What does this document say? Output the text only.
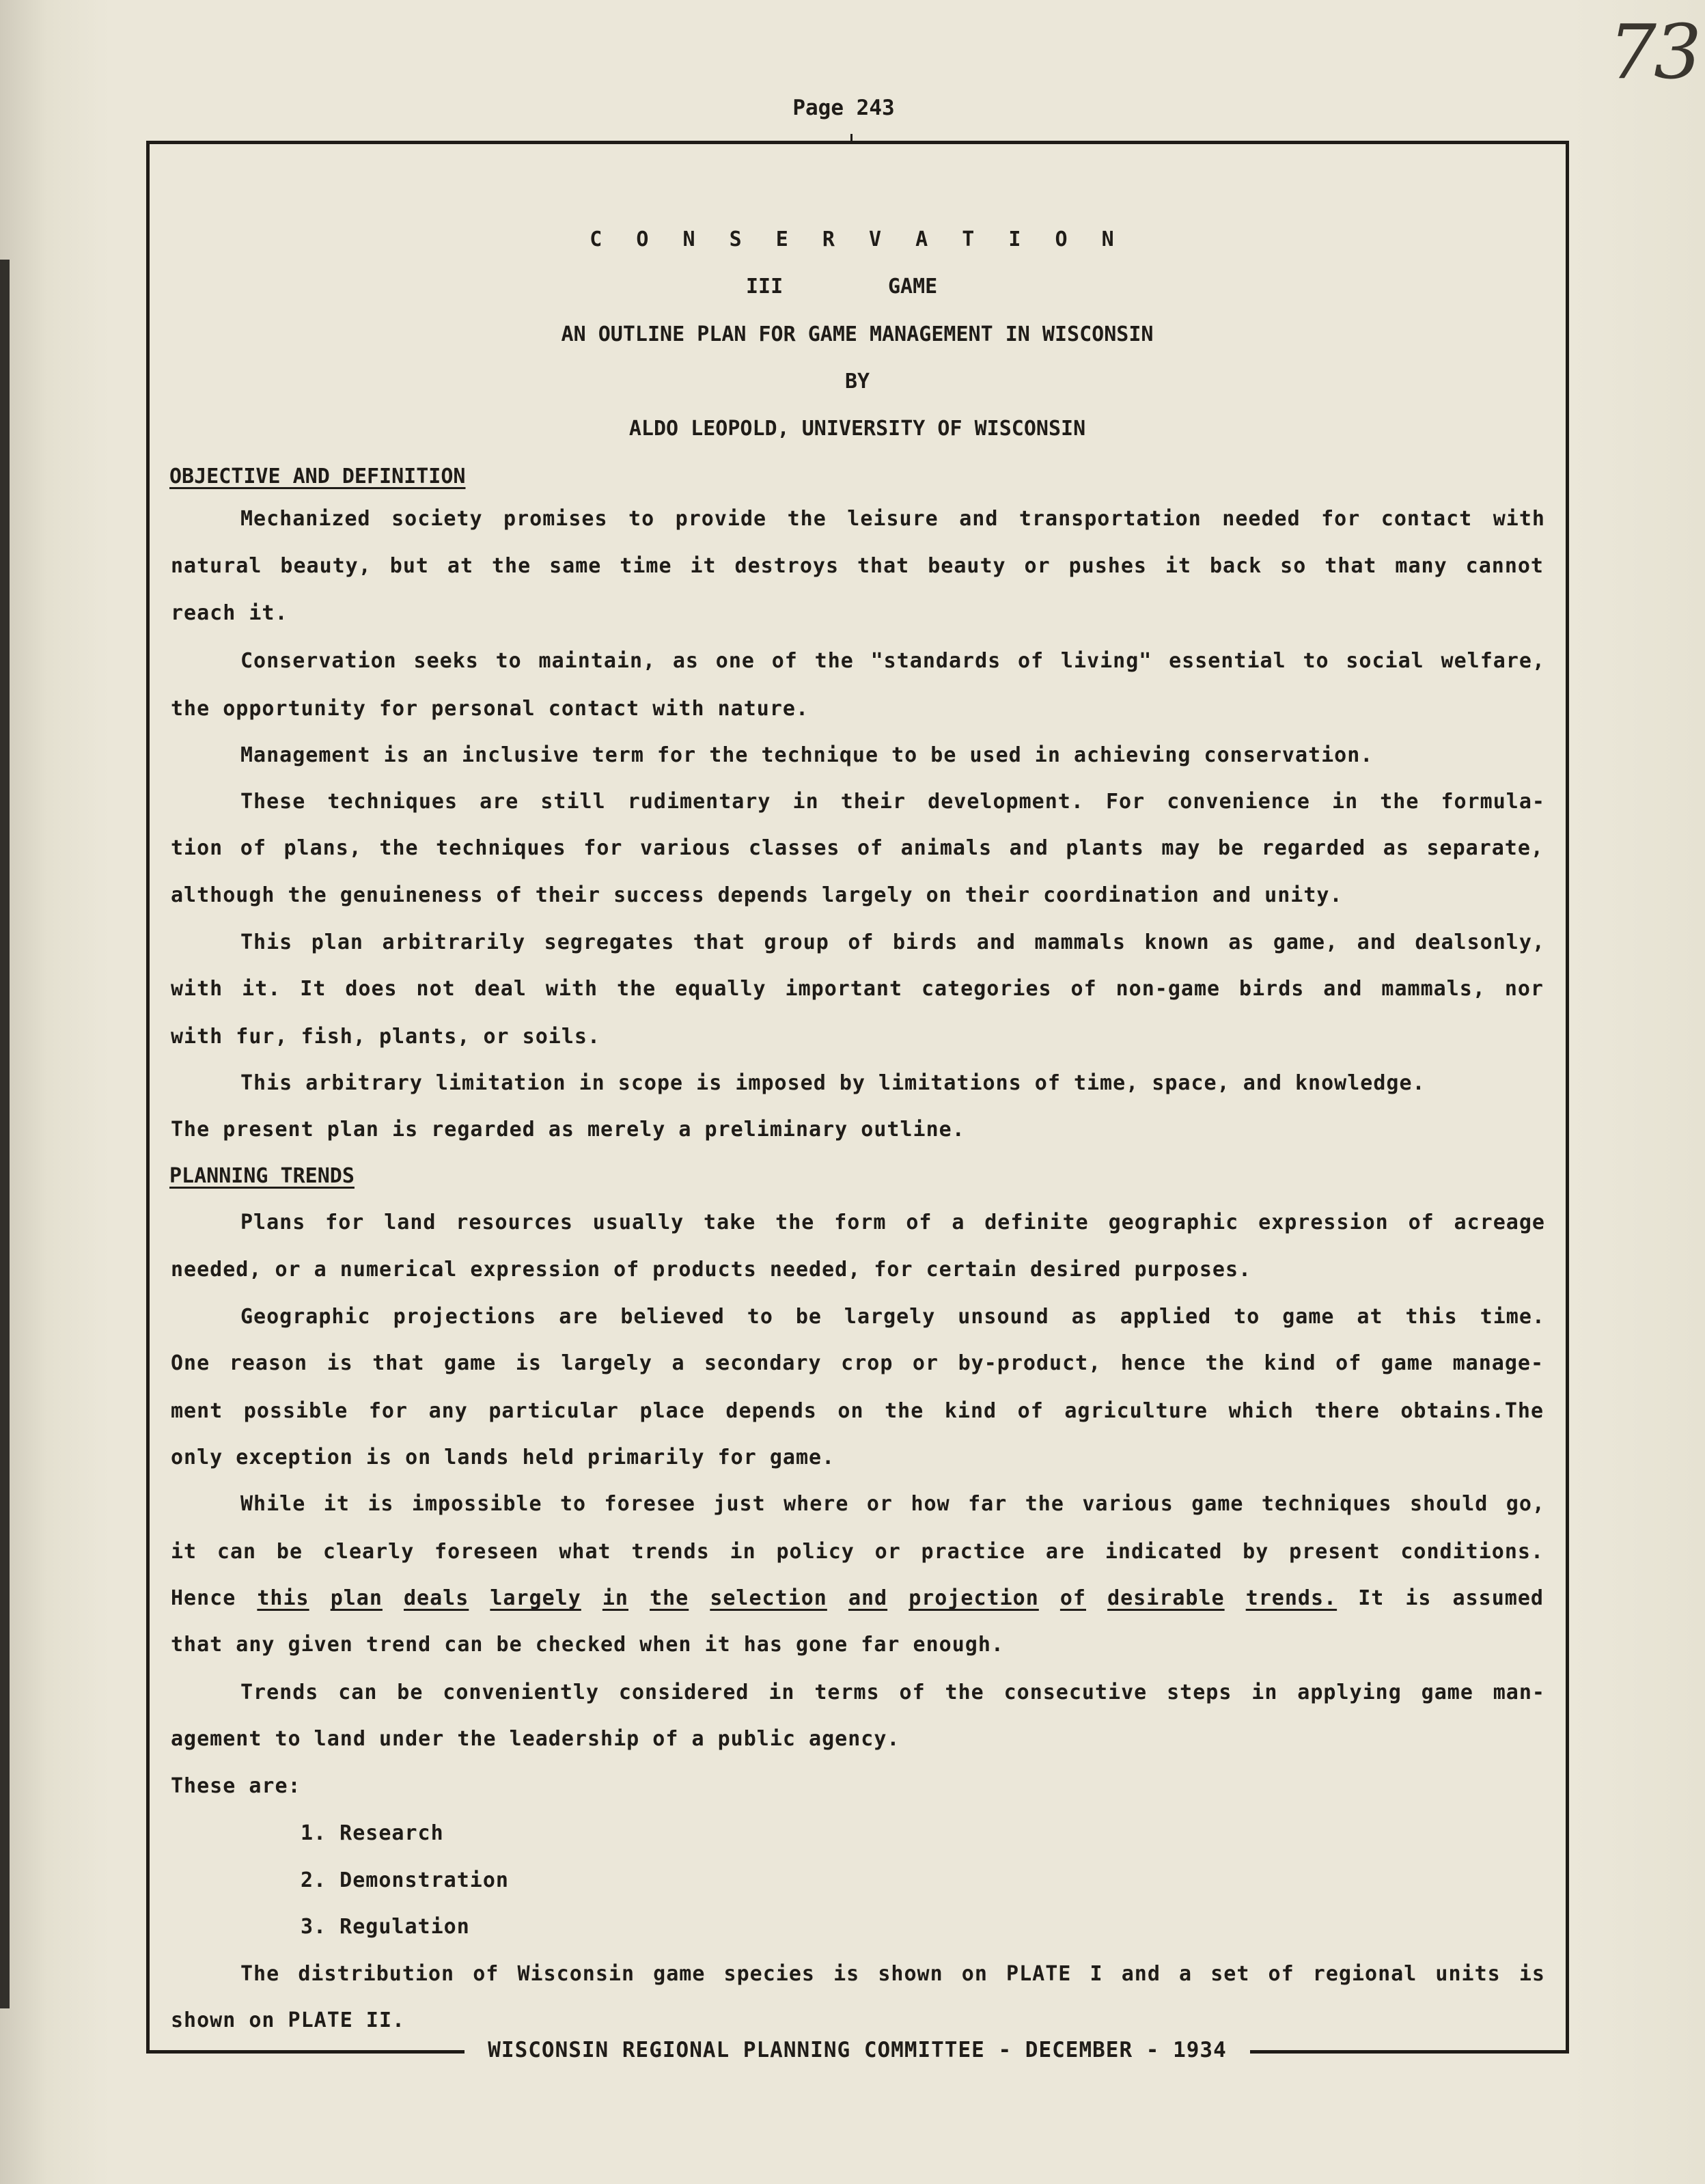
73
Page 243
C O N S E R V A T I O N
III	GAME
AN OUTLINE PLAN FOR GAME MANAGEMENT IN WISCONSIN
BY
ALDO LEOPOLD, UNIVERSITY OF WISCONSIN
OBJECTIVE AND DEFINITION
Mechanized society promises to provide the leisure and transportation needed for contact with
natural beauty, but at the same time it destroys that beauty or pushes it back so that many cannot
reach it.
Conservation seeks to maintain, as one of the "standards of living" essential to social welfare,
the opportunity for personal contact with nature.
Management is an inclusive term for the technique to be used in achieving conservation.
These techniques are still rudimentary in their development. For convenience in the formula-
tion of plans, the techniques for various classes of animals and plants may be regarded as separate,
although the genuineness of their success depends largely on their coordination and unity.
This plan arbitrarily segregates that group of birds and mammals known as game, and dealsonly,
with it. It does not deal with the equally important categories of non-game birds and mammals, nor
with fur, fish, plants, or soils.
This arbitrary limitation in scope is imposed by limitations of time, space, and knowledge.
The present plan is regarded as merely a preliminary outline.
PLANNING TRENDS
Plans for land resources usually take the form of a definite geographic expression of acreage
needed, or a numerical expression of products needed, for certain desired purposes.
Geographic projections are believed to be largely unsound as applied to game at this time.
One reason is that game is largely a secondary crop or by-product, hence the kind of game manage-
ment possible for any particular place depends on the kind of agriculture which there obtains.The
only exception is on lands held primarily for game.
While it is impossible to foresee just where or how far the various game techniques should go,
it can be clearly foreseen what trends in policy or practice are indicated by present conditions.
Hence this plan deals largely in the selection and projection of desirable trends. It is assumed
that any given trend can be checked when it has gone far enough.
Trends can be conveniently considered in terms of the consecutive steps in applying game man-
agement to land under the leadership of a public agency.
These are:
1. Research
2. Demonstration
3. Regulation
The distribution of Wisconsin game species is shown on PLATE I and a set of regional units is
shown on PLATE II.
WISCONSIN REGIONAL PLANNING COMMITTEE - DECEMBER - 1934
